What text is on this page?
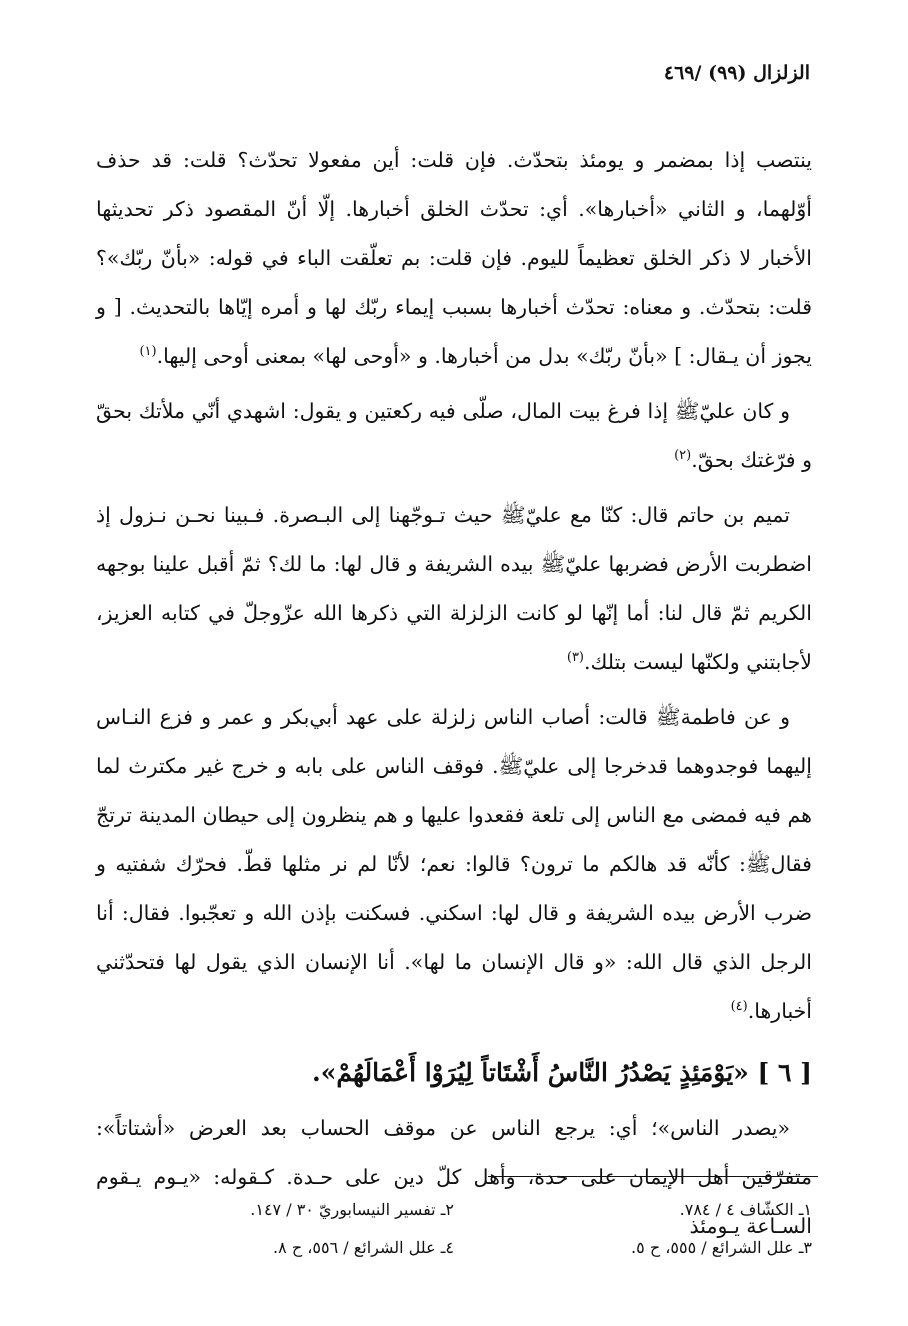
الزلزال (٩٩) /٤٦٩

ينتصب إذا بمضمر و يومئذ بتحدّث. فإن قلت: أين مفعولا تحدّث؟ قلت: قد حذف أوّلهما، و الثاني «أخبارها». أي: تحدّث الخلق أخبارها. إلّا أنّ المقصود ذكر تحديثها الأخبار لا ذكر الخلق تعظيماً لليوم. فإن قلت: بم تعلّقت الباء في قوله: «بأنّ ربّك»؟ قلت: بتحدّث. و معناه: تحدّث أخبارها بسبب إيماء ربّك لها و أمره إيّاها بالتحديث. [ و يجوز أن يـقال: ] «بأنّ ربّك» بدل من أخبارها. و «أوحى لها» بمعنى أوحى إليها.$^{(١)}$

و كان عليّ‌ﷺ إذا فرغ بيت المال، صلّى فيه ركعتين و يقول: اشهدي أنّي ملأتك بحقّ و فرّغتك بحقّ.$^{(٢)}$

تميم بن حاتم قال: كنّا مع عليّ‌ﷺ حيث تـوجّهنا إلى البـصرة. فـبينا نحـن نـزول إذ اضطربت الأرض فضربها عليّ‌ﷺ بيده الشريفة و قال لها: ما لك؟ ثمّ أقبل علينا بوجهه الكريم ثمّ قال لنا: أما إنّها لو كانت الزلزلة التي ذكرها الله عزّوجلّ في كتابه العزيز، لأجابتني ولكنّها ليست بتلك.$^{(٣)}$

و عن فاطمة‌ﷺ قالت: أصاب الناس زلزلة على عهد أبي‌بكر و عمر و فزع النـاس إليهما فوجدوهما قدخرجا إلى عليّ‌ﷺ. فوقف الناس على بابه و خرج غير مكترث لما هم فيه فمضى مع الناس إلى تلعة فقعدوا عليها و هم ينظرون إلى حيطان المدينة ترتجّ فقال‌ﷺ: كأنّه قد هالكم ما ترون؟ قالوا: نعم؛ لأنّا لم نر مثلها قطّ. فحرّك شفتيه و ضرب الأرض بيده الشريفة و قال لها: اسكني. فسكنت بإذن الله و تعجّبوا. فقال: أنا الرجل الذي قال الله: «و قال الإنسان ما لها». أنا الإنسان الذي يقول لها فتحدّثني أخبارها.$^{(٤)}$

[ ٦ ] «يَوْمَئِذٍ يَصْدُرُ النَّاسُ أَشْتَاتاً لِيُرَوْا أَعْمَالَهُمْ».

«يصدر الناس»؛ أي: يرجع الناس عن موقف الحساب بعد العرض «أشتاتاً»: متفرّقين أهل الإيمان على حدة، وأهل كلّ دين على حـدة. كـقوله: «يـوم يـقوم السـاعة يـومئذ

١ـ الكشّاف ٤ / ٧٨٤.
٢ـ تفسير النيسابوريّ ٣٠ / ١٤٧.
٣ـ علل الشرائع / ٥٥٥، ح ٥.
٤ـ علل الشرائع / ٥٥٦، ح ٨.
